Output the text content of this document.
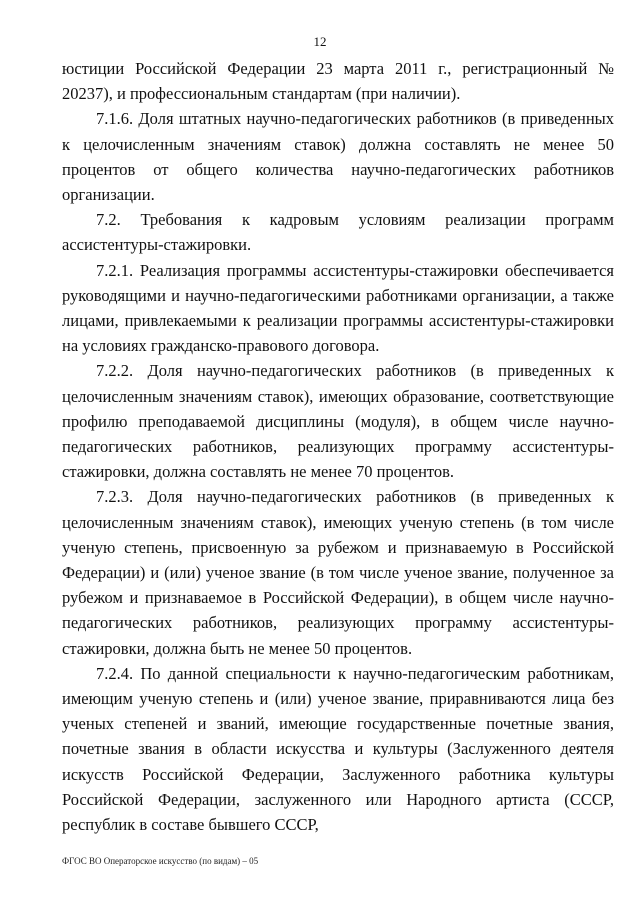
12

юстиции Российской Федерации 23 марта 2011 г., регистрационный № 20237), и профессиональным стандартам (при наличии).

7.1.6. Доля штатных научно-педагогических работников (в приведенных к целочисленным значениям ставок) должна составлять не менее 50 процентов от общего количества научно-педагогических работников организации.

7.2. Требования к кадровым условиям реализации программ ассистентуры-стажировки.

7.2.1. Реализация программы ассистентуры-стажировки обеспечивается руководящими и научно-педагогическими работниками организации, а также лицами, привлекаемыми к реализации программы ассистентуры-стажировки на условиях гражданско-правового договора.

7.2.2. Доля научно-педагогических работников (в приведенных к целочисленным значениям ставок), имеющих образование, соответствующие профилю преподаваемой дисциплины (модуля), в общем числе научно-педагогических работников, реализующих программу ассистентуры-стажировки, должна составлять не менее 70 процентов.

7.2.3. Доля научно-педагогических работников (в приведенных к целочисленным значениям ставок), имеющих ученую степень (в том числе ученую степень, присвоенную за рубежом и признаваемую в Российской Федерации) и (или) ученое звание (в том числе ученое звание, полученное за рубежом и признаваемое в Российской Федерации), в общем числе научно-педагогических работников, реализующих программу ассистентуры-стажировки, должна быть не менее 50 процентов.

7.2.4. По данной специальности к научно-педагогическим работникам, имеющим ученую степень и (или) ученое звание, приравниваются лица без ученых степеней и званий, имеющие государственные почетные звания, почетные звания в области искусства и культуры (Заслуженного деятеля искусств Российской Федерации, Заслуженного работника культуры Российской Федерации, заслуженного или Народного артиста (СССР, республик в составе бывшего СССР,

ФГОС ВО Операторское искусство (по видам) – 05
